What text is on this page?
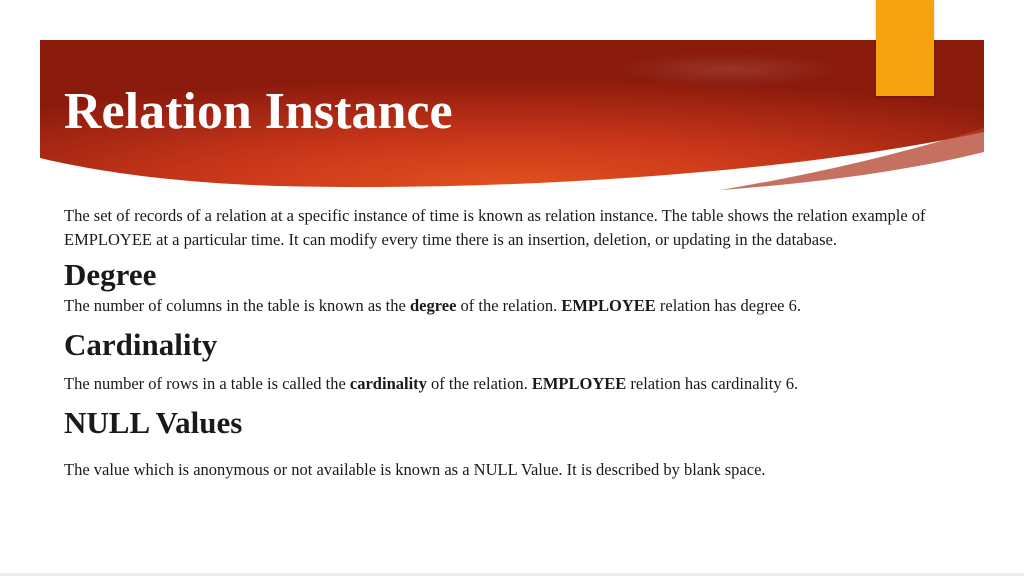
Relation Instance

The set of records of a relation at a specific instance of time is known as relation instance. The table shows the relation example of EMPLOYEE at a particular time. It can modify every time there is an insertion, deletion, or updating in the database.

Degree

The number of columns in the table is known as the degree of the relation. EMPLOYEE relation has degree 6.

Cardinality

The number of rows in a table is called the cardinality of the relation. EMPLOYEE relation has cardinality 6.

NULL Values

The value which is anonymous or not available is known as a NULL Value. It is described by blank space.
